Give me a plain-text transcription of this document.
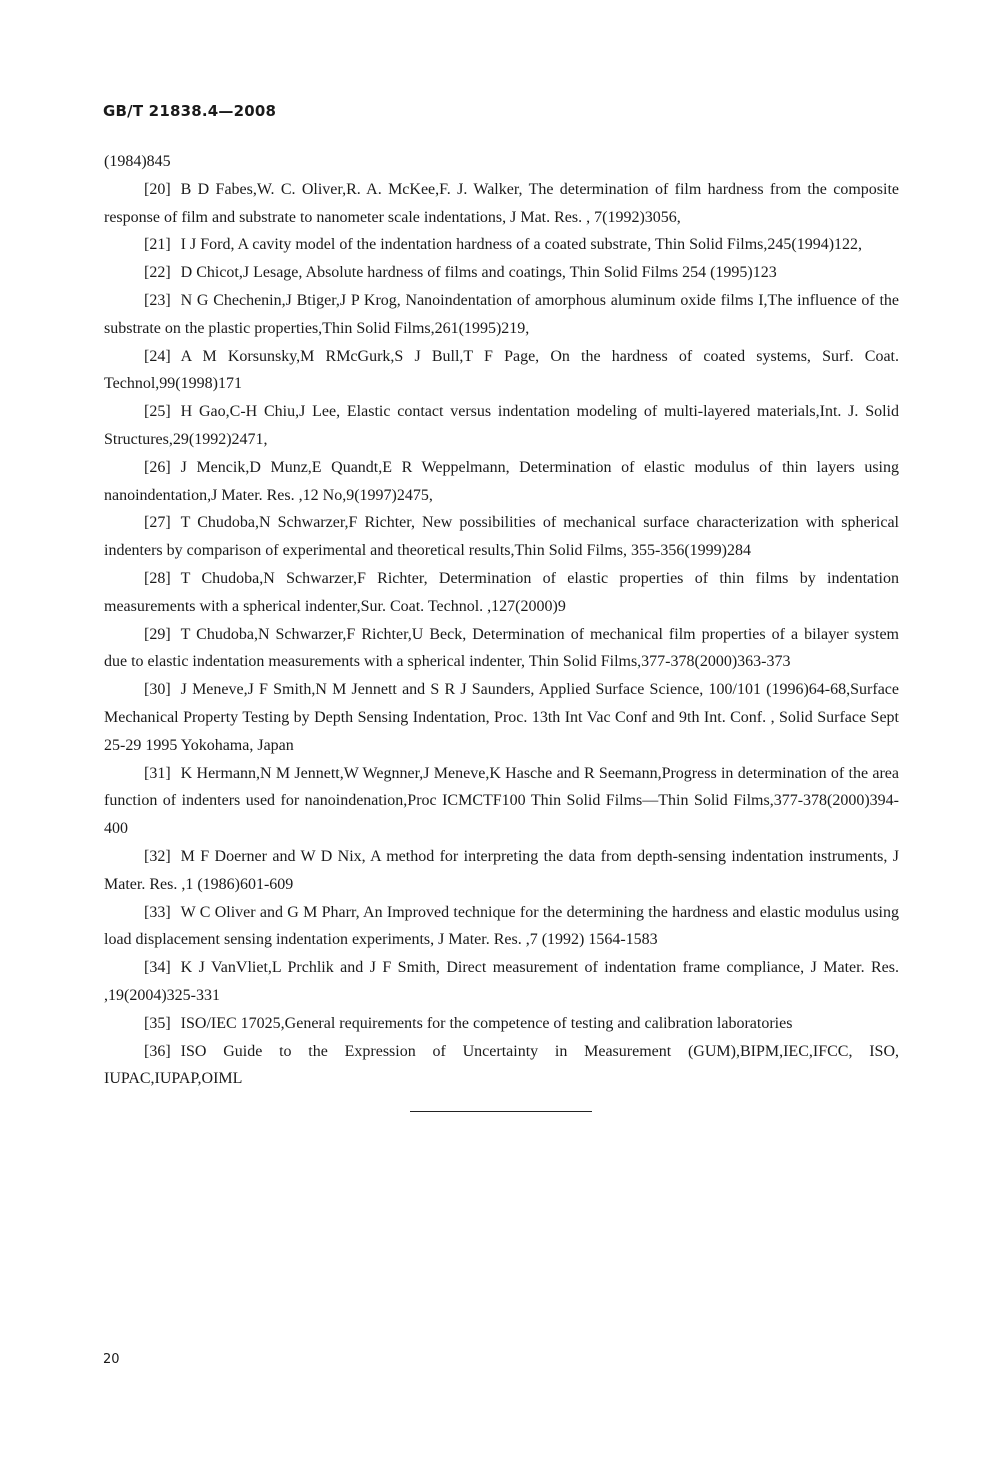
GB/T 21838.4—2008

(1984)845

[20] B D Fabes,W. C. Oliver,R. A. McKee,F. J. Walker, The determination of film hardness from the composite response of film and substrate to nanometer scale indentations, J Mat. Res. , 7(1992)3056,

[21] I J Ford, A cavity model of the indentation hardness of a coated substrate, Thin Solid Films,245(1994)122,

[22] D Chicot,J Lesage, Absolute hardness of films and coatings, Thin Solid Films 254 (1995)123

[23] N G Chechenin,J Btiger,J P Krog, Nanoindentation of amorphous aluminum oxide films I,The influence of the substrate on the plastic properties,Thin Solid Films,261(1995)219,

[24] A M Korsunsky,M RMcGurk,S J Bull,T F Page, On the hardness of coated systems, Surf. Coat. Technol,99(1998)171

[25] H Gao,C-H Chiu,J Lee, Elastic contact versus indentation modeling of multi-layered materials,Int. J. Solid Structures,29(1992)2471,

[26] J Mencik,D Munz,E Quandt,E R Weppelmann, Determination of elastic modulus of thin layers using nanoindentation,J Mater. Res. ,12 No,9(1997)2475,

[27] T Chudoba,N Schwarzer,F Richter, New possibilities of mechanical surface characterization with spherical indenters by comparison of experimental and theoretical results,Thin Solid Films, 355-356(1999)284

[28] T Chudoba,N Schwarzer,F Richter, Determination of elastic properties of thin films by indentation measurements with a spherical indenter,Sur. Coat. Technol. ,127(2000)9

[29] T Chudoba,N Schwarzer,F Richter,U Beck, Determination of mechanical film properties of a bilayer system due to elastic indentation measurements with a spherical indenter, Thin Solid Films,377-378(2000)363-373

[30] J Meneve,J F Smith,N M Jennett and S R J Saunders, Applied Surface Science, 100/101 (1996)64-68,Surface Mechanical Property Testing by Depth Sensing Indentation, Proc. 13th Int Vac Conf and 9th Int. Conf. , Solid Surface Sept 25-29 1995 Yokohama, Japan

[31] K Hermann,N M Jennett,W Wegnner,J Meneve,K Hasche and R Seemann,Progress in determination of the area function of indenters used for nanoindenation,Proc ICMCTF100 Thin Solid Films—Thin Solid Films,377-378(2000)394-400

[32] M F Doerner and W D Nix, A method for interpreting the data from depth-sensing indentation instruments, J Mater. Res. ,1 (1986)601-609

[33] W C Oliver and G M Pharr, An Improved technique for the determining the hardness and elastic modulus using load displacement sensing indentation experiments, J Mater. Res. ,7 (1992) 1564-1583

[34] K J VanVliet,L Prchlik and J F Smith, Direct measurement of indentation frame compliance, J Mater. Res. ,19(2004)325-331

[35] ISO/IEC 17025,General requirements for the competence of testing and calibration laboratories

[36] ISO Guide to the Expression of Uncertainty in Measurement (GUM),BIPM,IEC,IFCC, ISO, IUPAC,IUPAP,OIML

20
